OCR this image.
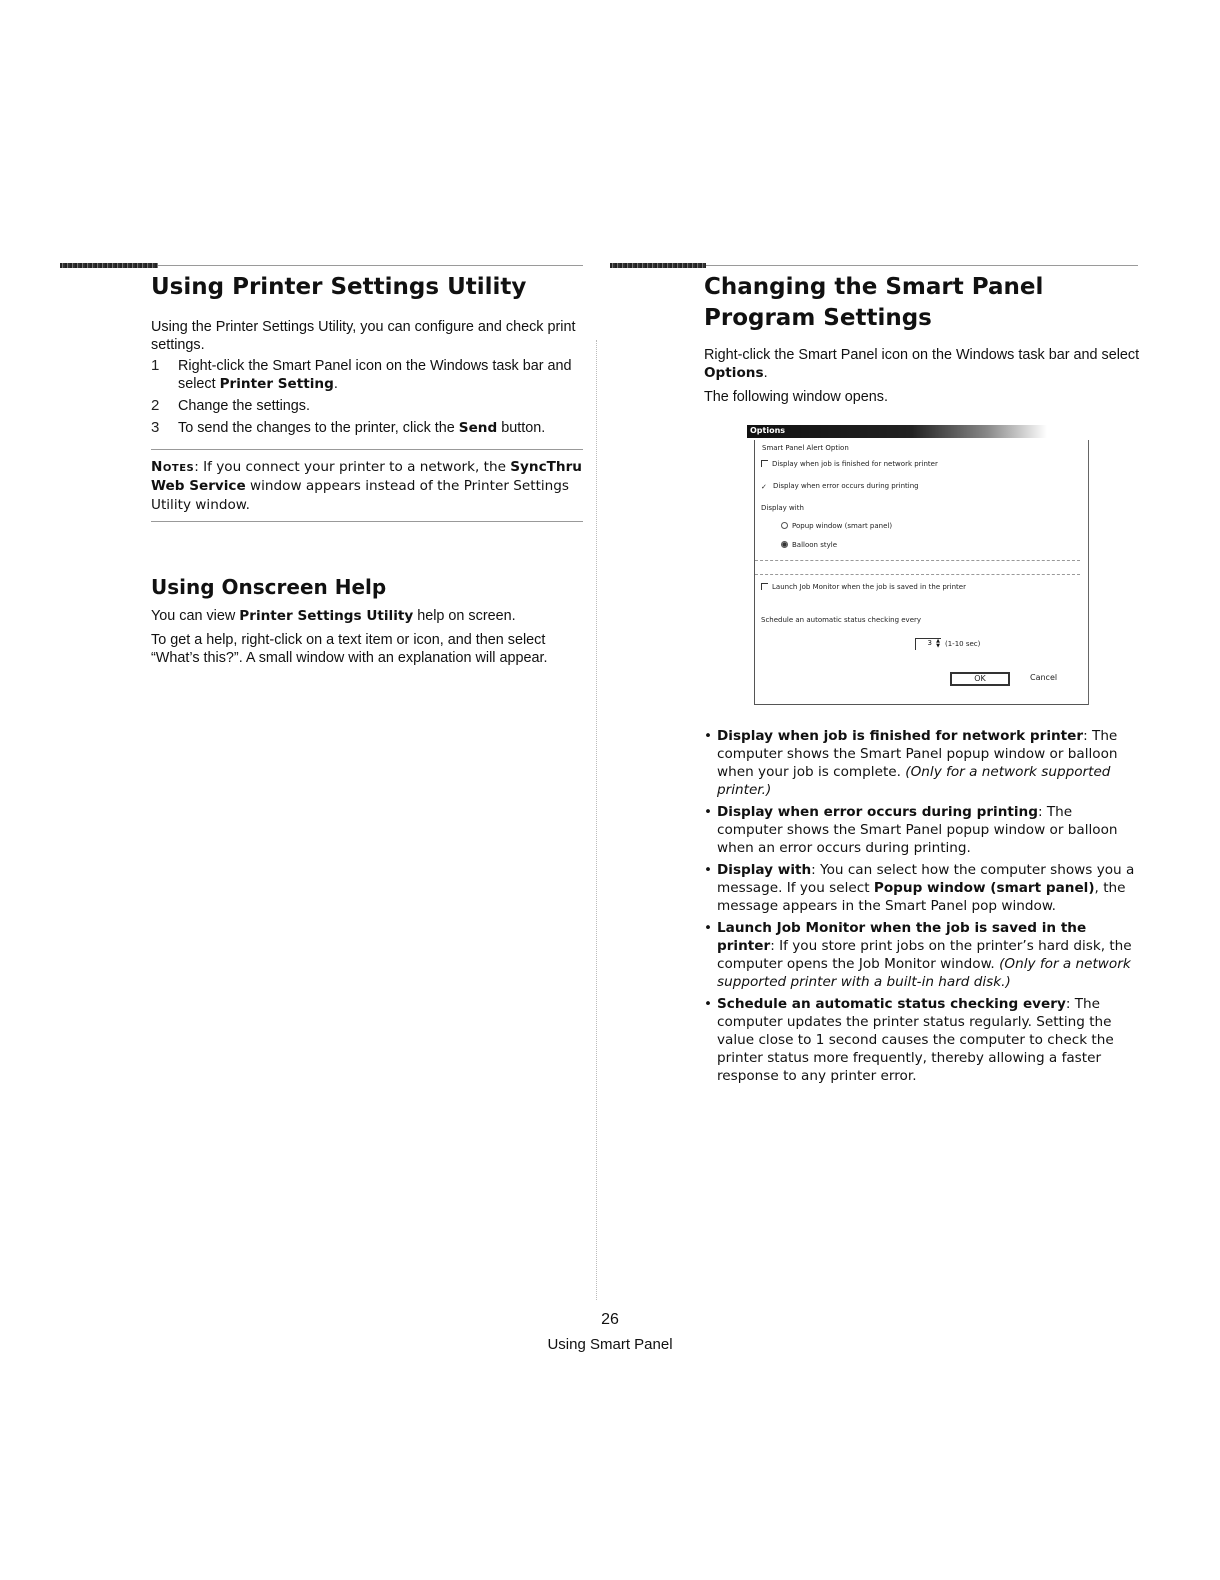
Using Printer Settings Utility

Using the Printer Settings Utility, you can configure and check print settings.

1 Right-click the Smart Panel icon on the Windows task bar and select Printer Setting.
2 Change the settings.
3 To send the changes to the printer, click the Send button.

Notes: If you connect your printer to a network, the SyncThru Web Service window appears instead of the Printer Settings Utility window.

Using Onscreen Help

You can view Printer Settings Utility help on screen.

To get a help, right-click on a text item or icon, and then select “What’s this?”. A small window with an explanation will appear.

Changing the Smart Panel Program Settings

Right-click the Smart Panel icon on the Windows task bar and select Options.

The following window opens.

Options
Smart Panel Alert Option
Display when job is finished for network printer
✓ Display when error occurs during printing
Display with
Popup window (smart panel)
Balloon style
Launch Job Monitor when the job is saved in the printer
Schedule an automatic status checking every
3 ▲
▼ (1-10 sec)
OK	Cancel
• Display when job is finished for network printer: The computer shows the Smart Panel popup window or balloon when your job is complete. (Only for a network supported printer.)
• Display when error occurs during printing: The computer shows the Smart Panel popup window or balloon when an error occurs during printing.
• Display with: You can select how the computer shows you a message. If you select Popup window (smart panel), the message appears in the Smart Panel pop window.
• Launch Job Monitor when the job is saved in the printer: If you store print jobs on the printer’s hard disk, the computer opens the Job Monitor window. (Only for a network supported printer with a built-in hard disk.)
• Schedule an automatic status checking every: The computer updates the printer status regularly. Setting the value close to 1 second causes the computer to check the printer status more frequently, thereby allowing a faster response to any printer error.
26
Using Smart Panel
